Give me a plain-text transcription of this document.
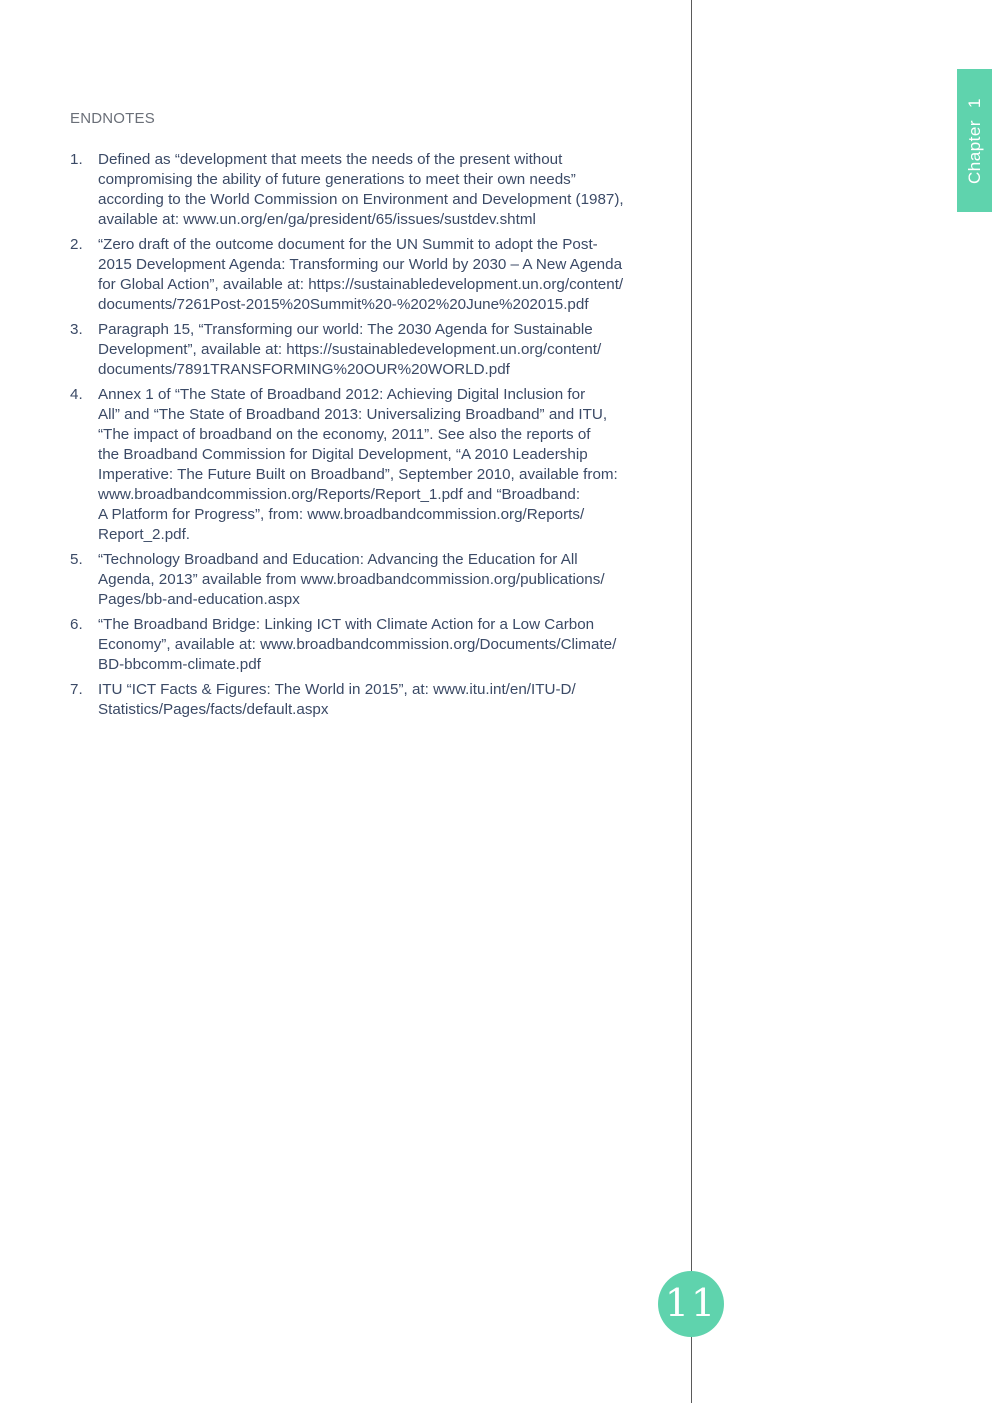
ENDNOTES
1.	Defined as “development that meets the needs of the present without
compromising the ability of future generations to meet their own needs”
according to the World Commission on Environment and Development (1987),
available at: www.un.org/en/ga/president/65/issues/sustdev.shtml
2.	“Zero draft of the outcome document for the UN Summit to adopt the Post-
2015 Development Agenda: Transforming our World by 2030 – A New Agenda
for Global Action”, available at: https://sustainabledevelopment.un.org/content/
documents/7261Post-2015%20Summit%20-%202%20June%202015.pdf
3.	Paragraph 15, “Transforming our world: The 2030 Agenda for Sustainable
Development”, available at: https://sustainabledevelopment.un.org/content/
documents/7891TRANSFORMING%20OUR%20WORLD.pdf
4.	Annex 1 of “The State of Broadband 2012: Achieving Digital Inclusion for
All” and “The State of Broadband 2013: Universalizing Broadband” and ITU,
“The impact of broadband on the economy, 2011”. See also the reports of
the Broadband Commission for Digital Development, “A 2010 Leadership
Imperative: The Future Built on Broadband”, September 2010, available from:
www.broadbandcommission.org/Reports/Report_1.pdf and “Broadband:
A Platform for Progress”, from: www.broadbandcommission.org/Reports/
Report_2.pdf.
5.	“Technology Broadband and Education: Advancing the Education for All
Agenda, 2013” available from www.broadbandcommission.org/publications/
Pages/bb-and-education.aspx
6.	“The Broadband Bridge: Linking ICT with Climate Action for a Low Carbon
Economy”, available at: www.broadbandcommission.org/Documents/Climate/
BD-bbcomm-climate.pdf
7.	ITU “ICT Facts & Figures: The World in 2015”, at: www.itu.int/en/ITU-D/
Statistics/Pages/facts/default.aspx
Chapter1
11
